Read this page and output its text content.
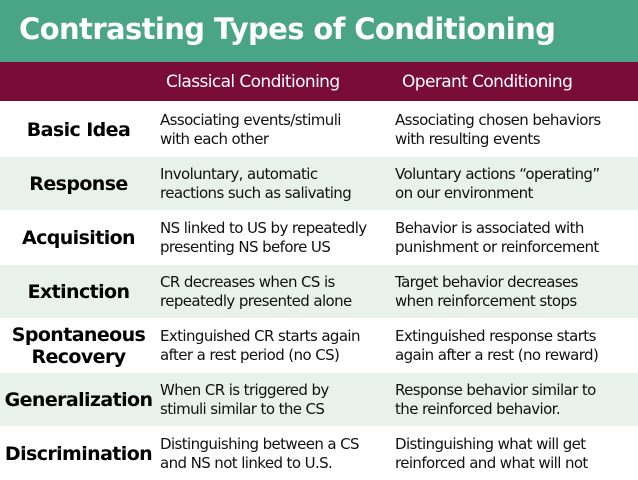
Contrasting Types of Conditioning
Classical Conditioning	Operant Conditioning
Basic Idea Associating events/stimuli
with each other
Associating chosen behaviors
with resulting events
Response Involuntary, automatic
reactions such as salivating
Voluntary actions “operating”
on our environment
Acquisition NS linked to US by repeatedly
presenting NS before US
Behavior is associated with
punishment or reinforcement
Extinction CR decreases when CS is
repeatedly presented alone
Target behavior decreases
when reinforcement stops
Spontaneous
Recovery
Extinguished CR starts again
after a rest period (no CS)
Extinguished response starts
again after a rest (no reward)
Generalization When CR is triggered by
stimuli similar to the CS
Response behavior similar to
the reinforced behavior.
Discrimination Distinguishing between a CS
and NS not linked to U.S.
Distinguishing what will get
reinforced and what will not
